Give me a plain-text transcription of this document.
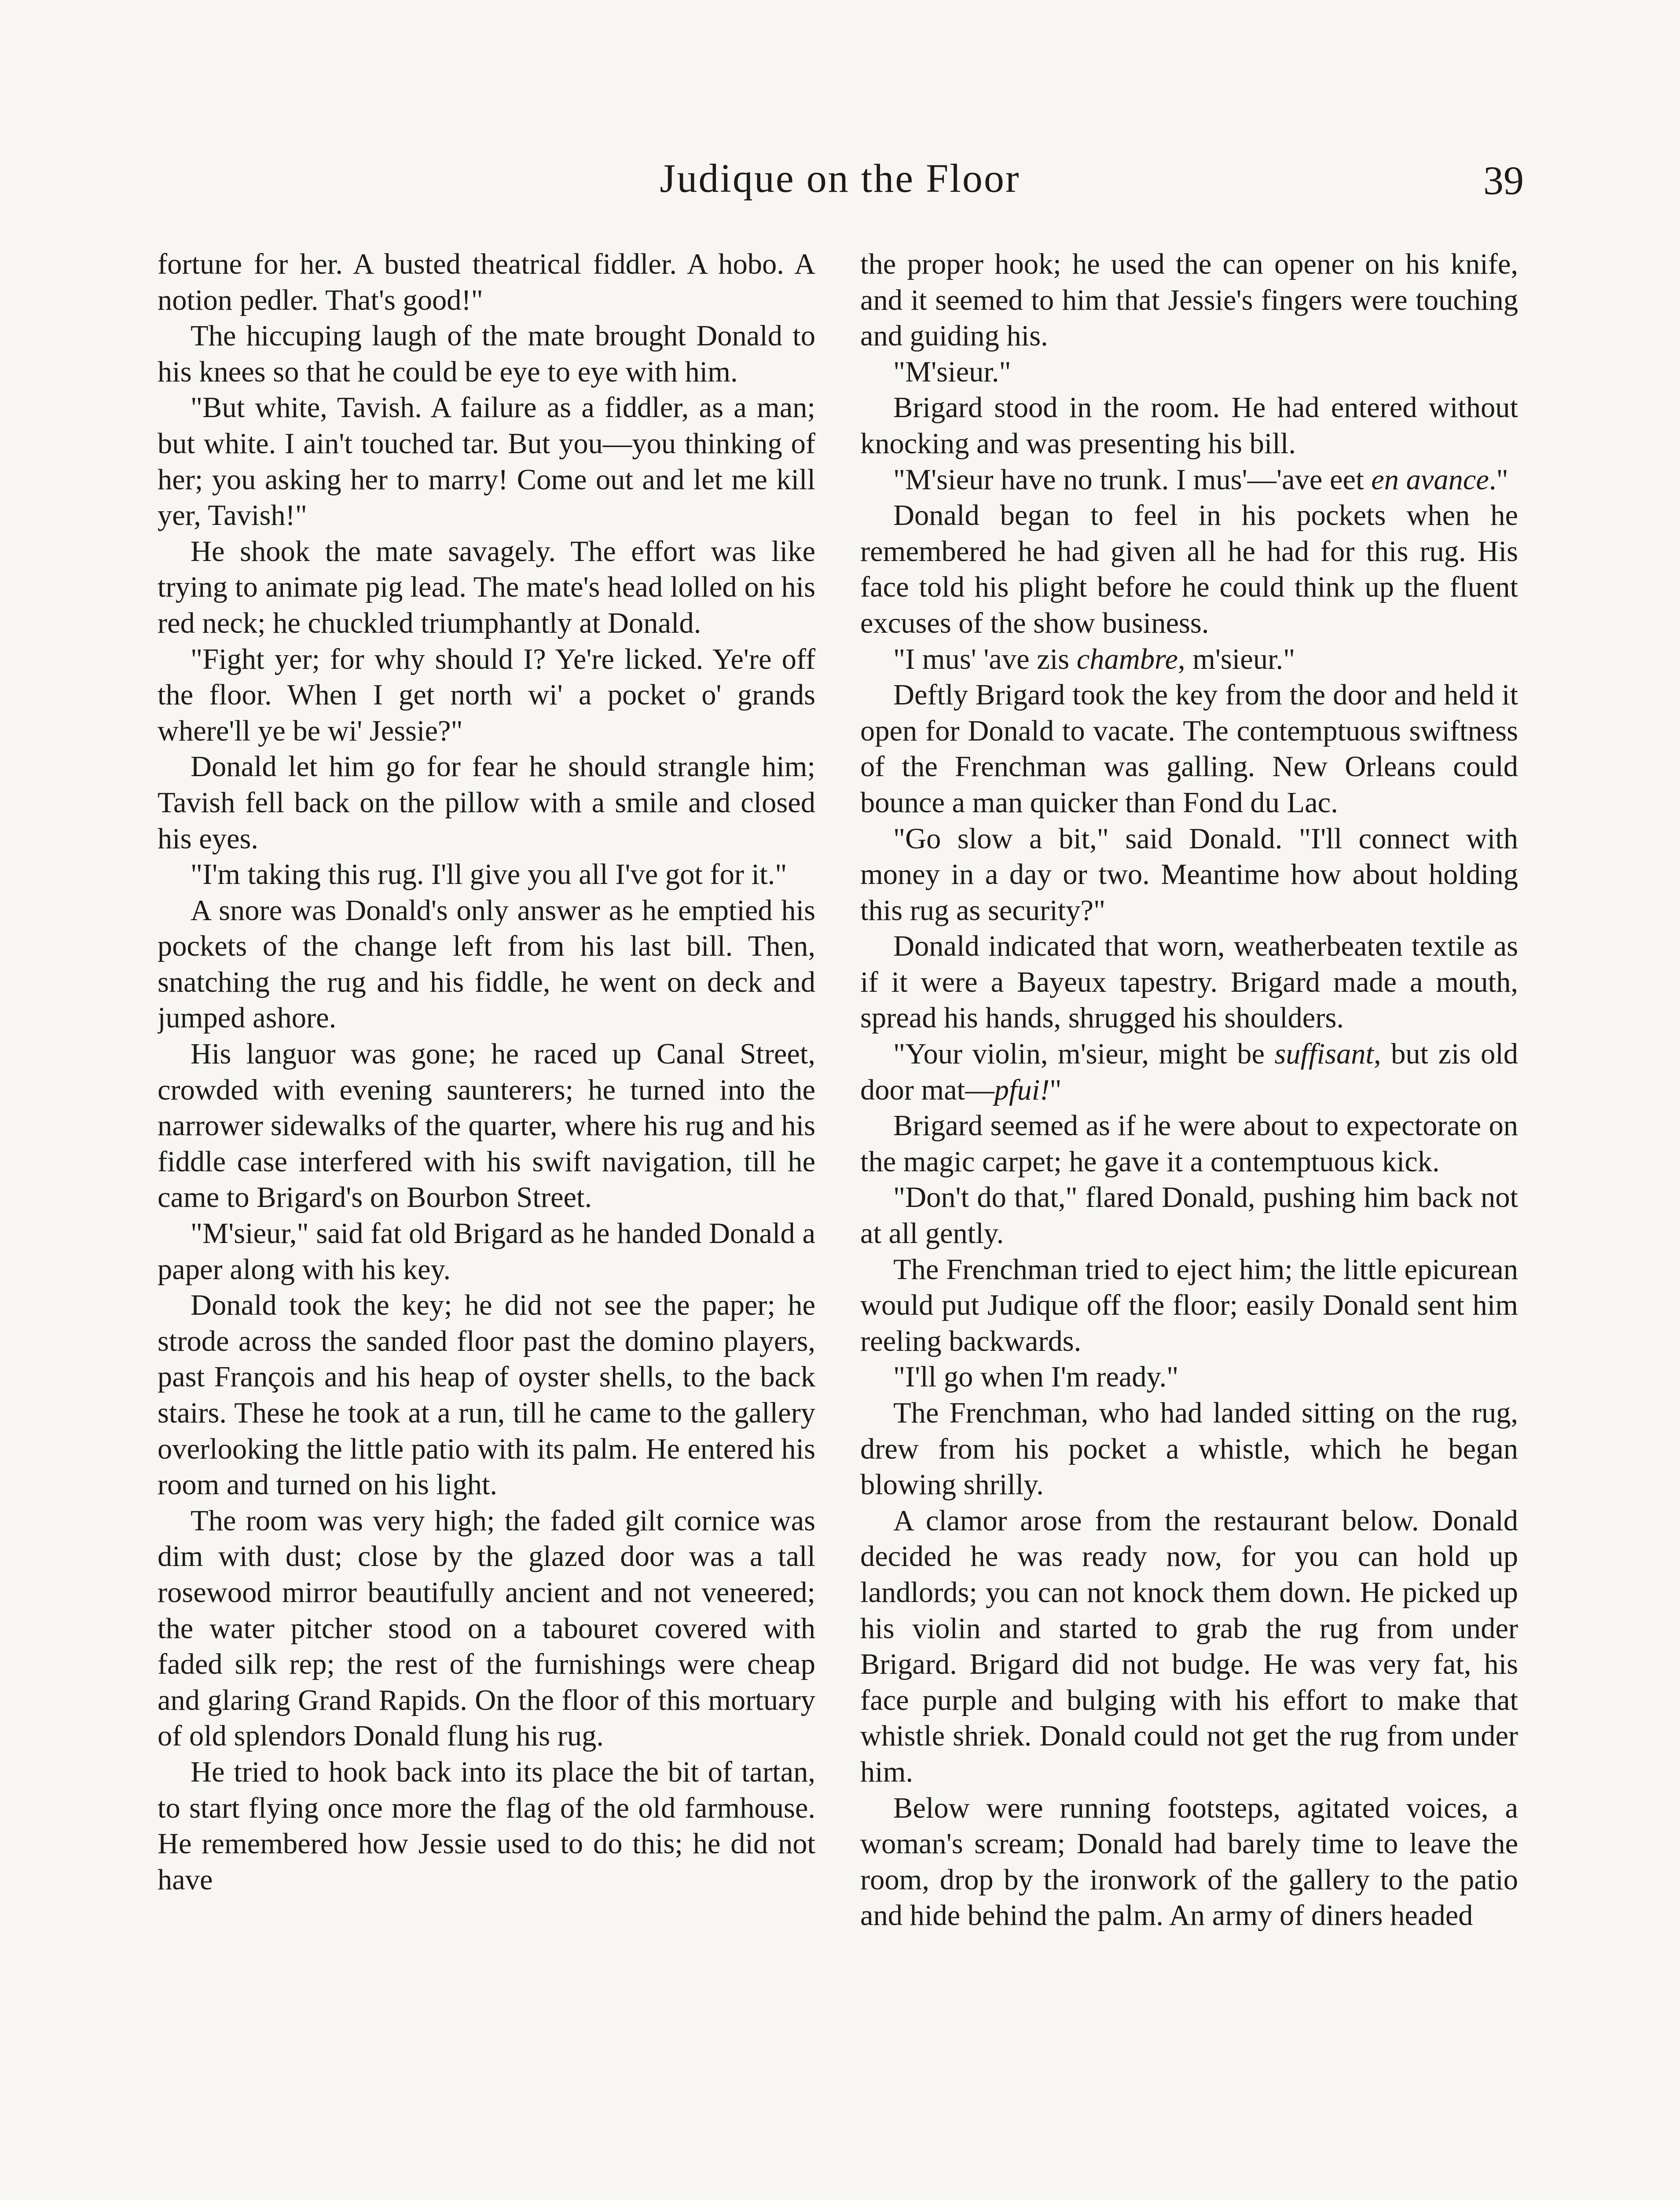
Judique on the Floor	39

fortune for her. A busted theatrical fiddler. A hobo. A notion pedler. That's good!"

The hiccuping laugh of the mate brought Donald to his knees so that he could be eye to eye with him.

"But white, Tavish. A failure as a fiddler, as a man; but white. I ain't touched tar. But you—you thinking of her; you asking her to marry! Come out and let me kill yer, Tavish!"

He shook the mate savagely. The effort was like trying to animate pig lead. The mate's head lolled on his red neck; he chuckled triumphantly at Donald.

"Fight yer; for why should I? Ye're licked. Ye're off the floor. When I get north wi' a pocket o' grands where'll ye be wi' Jessie?"

Donald let him go for fear he should strangle him; Tavish fell back on the pillow with a smile and closed his eyes.

"I'm taking this rug. I'll give you all I've got for it."

A snore was Donald's only answer as he emptied his pockets of the change left from his last bill. Then, snatching the rug and his fiddle, he went on deck and jumped ashore.

His languor was gone; he raced up Canal Street, crowded with evening saunterers; he turned into the narrower sidewalks of the quarter, where his rug and his fiddle case interfered with his swift navigation, till he came to Brigard's on Bourbon Street.

"M'sieur," said fat old Brigard as he handed Donald a paper along with his key.

Donald took the key; he did not see the paper; he strode across the sanded floor past the domino players, past François and his heap of oyster shells, to the back stairs. These he took at a run, till he came to the gallery overlooking the little patio with its palm. He entered his room and turned on his light.

The room was very high; the faded gilt cornice was dim with dust; close by the glazed door was a tall rosewood mirror beautifully ancient and not veneered; the water pitcher stood on a tabouret covered with faded silk rep; the rest of the furnishings were cheap and glaring Grand Rapids. On the floor of this mortuary of old splendors Donald flung his rug.

He tried to hook back into its place the bit of tartan, to start flying once more the flag of the old farmhouse. He remembered how Jessie used to do this; he did not have

the proper hook; he used the can opener on his knife, and it seemed to him that Jessie's fingers were touching and guiding his.

"M'sieur."

Brigard stood in the room. He had entered without knocking and was presenting his bill.

"M'sieur have no trunk. I mus'—'ave eet en avance."

Donald began to feel in his pockets when he remembered he had given all he had for this rug. His face told his plight before he could think up the fluent excuses of the show business.

"I mus' 'ave zis chambre, m'sieur."

Deftly Brigard took the key from the door and held it open for Donald to vacate. The contemptuous swiftness of the Frenchman was galling. New Orleans could bounce a man quicker than Fond du Lac.

"Go slow a bit," said Donald. "I'll connect with money in a day or two. Meantime how about holding this rug as security?"

Donald indicated that worn, weatherbeaten textile as if it were a Bayeux tapestry. Brigard made a mouth, spread his hands, shrugged his shoulders.

"Your violin, m'sieur, might be suffisant, but zis old door mat—pfui!"

Brigard seemed as if he were about to expectorate on the magic carpet; he gave it a contemptuous kick.

"Don't do that," flared Donald, pushing him back not at all gently.

The Frenchman tried to eject him; the little epicurean would put Judique off the floor; easily Donald sent him reeling backwards.

"I'll go when I'm ready."

The Frenchman, who had landed sitting on the rug, drew from his pocket a whistle, which he began blowing shrilly.

A clamor arose from the restaurant below. Donald decided he was ready now, for you can hold up landlords; you can not knock them down. He picked up his violin and started to grab the rug from under Brigard. Brigard did not budge. He was very fat, his face purple and bulging with his effort to make that whistle shriek. Donald could not get the rug from under him.

Below were running footsteps, agitated voices, a woman's scream; Donald had barely time to leave the room, drop by the ironwork of the gallery to the patio and hide behind the palm. An army of diners headed
